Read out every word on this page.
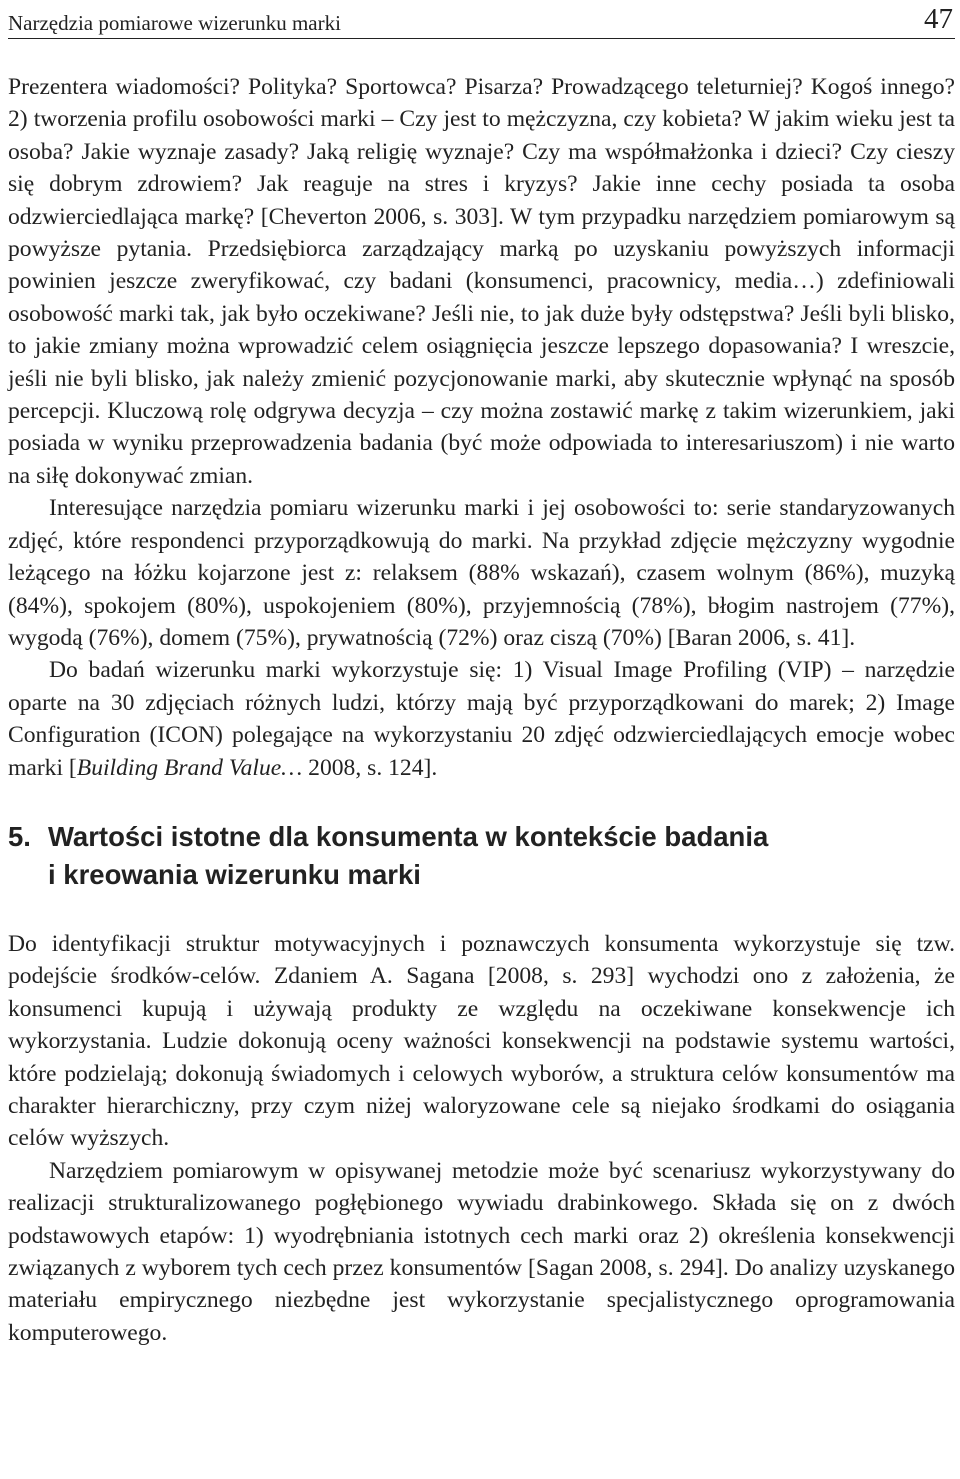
Narzędzia pomiarowe wizerunku marki	47

Prezentera wiadomości? Polityka? Sportowca? Pisarza? Prowadzącego teleturniej? Kogoś innego? 2) tworzenia profilu osobowości marki – Czy jest to mężczyzna, czy kobieta? W jakim wieku jest ta osoba? Jakie wyznaje zasady? Jaką religię wyznaje? Czy ma współmałżonka i dzieci? Czy cieszy się dobrym zdrowiem? Jak reaguje na stres i kryzys? Jakie inne cechy posiada ta osoba odzwierciedlająca markę? [Cheverton 2006, s. 303]. W tym przypadku narzędziem pomiarowym są powyższe pytania. Przedsiębiorca zarządzający marką po uzyskaniu powyższych informacji powinien jeszcze zweryfikować, czy badani (konsumenci, pracownicy, media…) zdefiniowali osobowość marki tak, jak było oczekiwane? Jeśli nie, to jak duże były odstępstwa? Jeśli byli blisko, to jakie zmiany można wprowadzić celem osiągnięcia jeszcze lepszego dopasowania? I wreszcie, jeśli nie byli blisko, jak należy zmienić pozycjonowanie marki, aby skutecznie wpłynąć na sposób percepcji. Kluczową rolę odgrywa decyzja – czy można zostawić markę z takim wizerunkiem, jaki posiada w wyniku przeprowadzenia badania (być może odpowiada to interesariuszom) i nie warto na siłę dokonywać zmian.

Interesujące narzędzia pomiaru wizerunku marki i jej osobowości to: serie standaryzowanych zdjęć, które respondenci przyporządkowują do marki. Na przykład zdjęcie mężczyzny wygodnie leżącego na łóżku kojarzone jest z: relaksem (88% wskazań), czasem wolnym (86%), muzyką (84%), spokojem (80%), uspokojeniem (80%), przyjemnością (78%), błogim nastrojem (77%), wygodą (76%), domem (75%), prywatnością (72%) oraz ciszą (70%) [Baran 2006, s. 41].

Do badań wizerunku marki wykorzystuje się: 1) Visual Image Profiling (VIP) – narzędzie oparte na 30 zdjęciach różnych ludzi, którzy mają być przyporządkowani do marek; 2) Image Configuration (ICON) polegające na wykorzystaniu 20 zdjęć odzwierciedlających emocje wobec marki [Building Brand Value… 2008, s. 124].

5. Wartości istotne dla konsumenta w kontekście badania
i kreowania wizerunku marki

Do identyfikacji struktur motywacyjnych i poznawczych konsumenta wykorzystuje się tzw. podejście środków-celów. Zdaniem A. Sagana [2008, s. 293] wychodzi ono z założenia, że konsumenci kupują i używają produkty ze względu na oczekiwane konsekwencje ich wykorzystania. Ludzie dokonują oceny ważności konsekwencji na podstawie systemu wartości, które podzielają; dokonują świadomych i celowych wyborów, a struktura celów konsumentów ma charakter hierarchiczny, przy czym niżej waloryzowane cele są niejako środkami do osiągania celów wyższych.

Narzędziem pomiarowym w opisywanej metodzie może być scenariusz wykorzystywany do realizacji strukturalizowanego pogłębionego wywiadu drabinkowego. Składa się on z dwóch podstawowych etapów: 1) wyodrębniania istotnych cech marki oraz 2) określenia konsekwencji związanych z wyborem tych cech przez konsumentów [Sagan 2008, s. 294]. Do analizy uzyskanego materiału empirycznego niezbędne jest wykorzystanie specjalistycznego oprogramowania komputerowego.
